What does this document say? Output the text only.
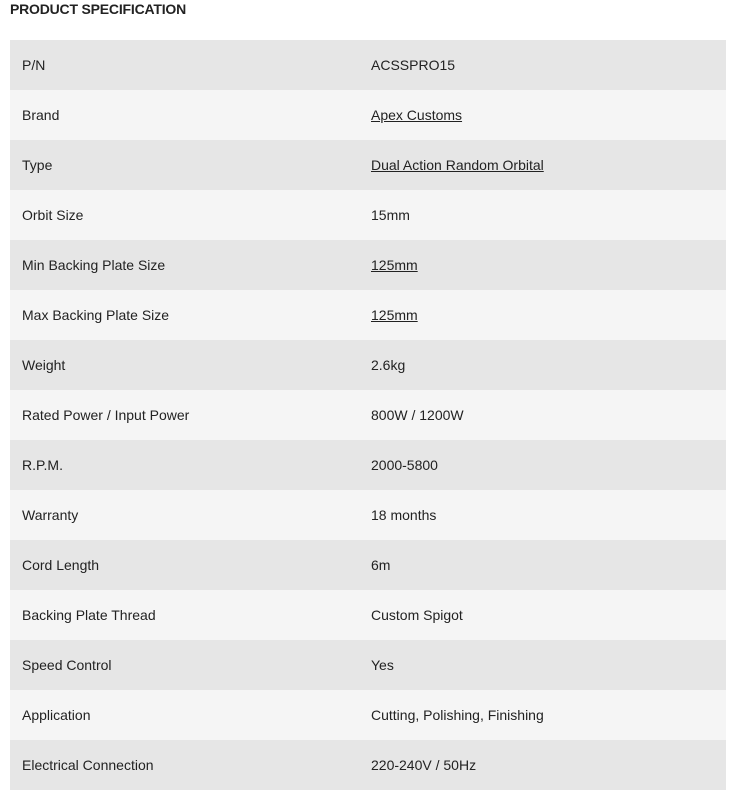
PRODUCT SPECIFICATION
P/N	ACSSPRO15
Brand	Apex Customs
Type	Dual Action Random Orbital
Orbit Size	15mm
Min Backing Plate Size	125mm
Max Backing Plate Size	125mm
Weight	2.6kg
Rated Power / Input Power	800W / 1200W
R.P.M.	2000-5800
Warranty	18 months
Cord Length	6m
Backing Plate Thread	Custom Spigot
Speed Control	Yes
Application	Cutting, Polishing, Finishing
Electrical Connection	220-240V / 50Hz
